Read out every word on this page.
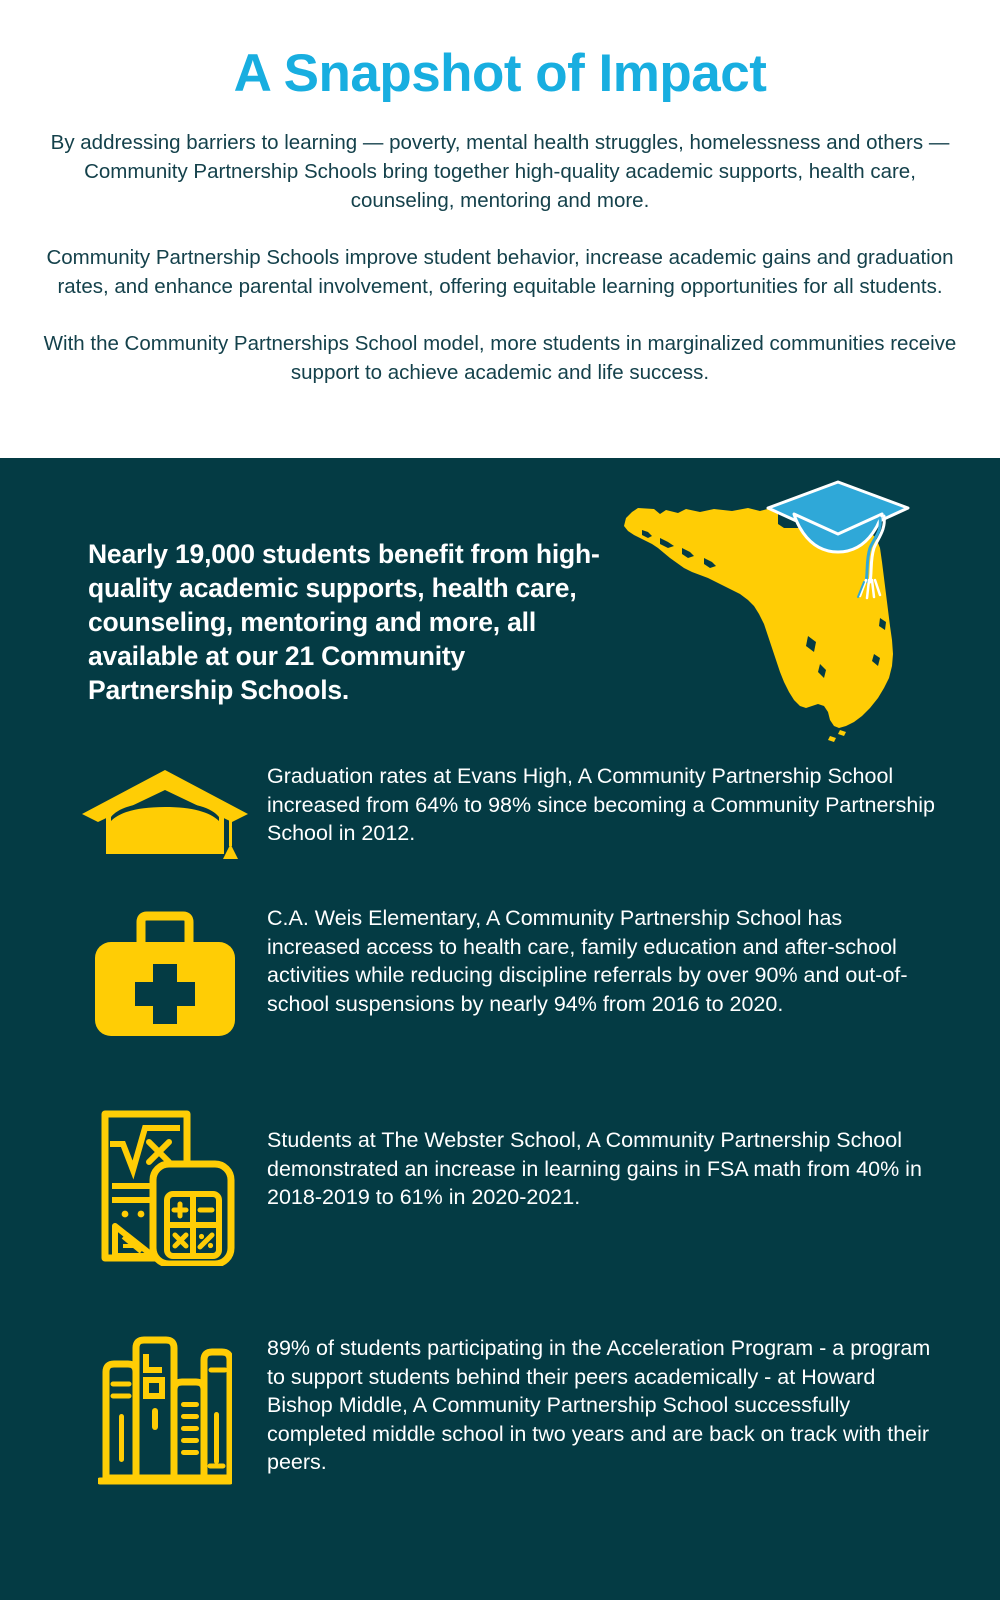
A Snapshot of Impact

By addressing barriers to learning — poverty, mental health struggles, homelessness and others — Community Partnership Schools bring together high-quality academic supports, health care, counseling, mentoring and more.

Community Partnership Schools improve student behavior, increase academic gains and graduation rates, and enhance parental involvement, offering equitable learning opportunities for all students.

With the Community Partnerships School model, more students in marginalized communities receive support to achieve academic and life success.

Nearly 19,000 students benefit from high-quality academic supports, health care, counseling, mentoring and more, all available at our 21 Community Partnership Schools.
Graduation rates at Evans High, A Community Partnership School increased from 64% to 98% since becoming a Community Partnership School in 2012.
C.A. Weis Elementary, A Community Partnership School has increased access to health care, family education and after-school activities while reducing discipline referrals by over 90% and out-of-school suspensions by nearly 94% from 2016 to 2020.
Students at The Webster School, A Community Partnership School demonstrated an increase in learning gains in FSA math from 40% in 2018-2019 to 61% in 2020-2021.
89% of students participating in the Acceleration Program - a program to support students behind their peers academically - at Howard Bishop Middle, A Community Partnership School successfully completed middle school in two years and are back on track with their peers.
